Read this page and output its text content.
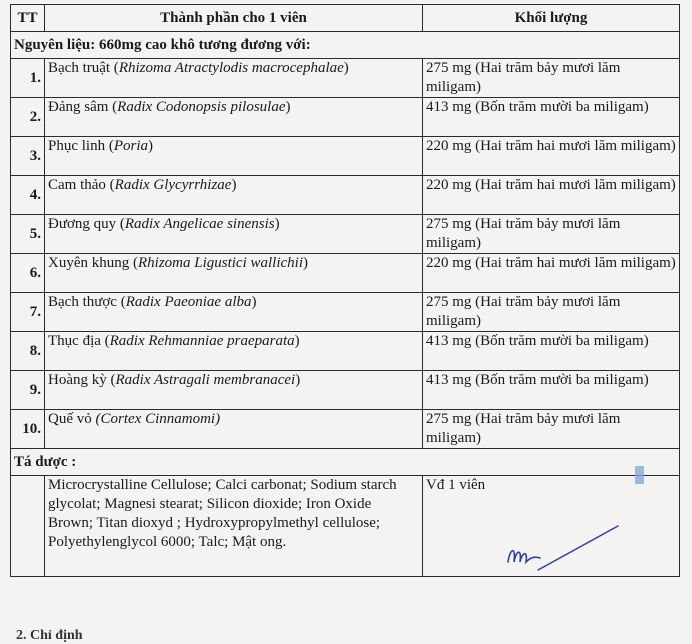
TT	Thành phần cho 1 viên	Khối lượng
Nguyên liệu: 660mg cao khô tương đương với:		
1.	Bạch truật (Rhizoma Atractylodis macrocephalae)	275 mg (Hai trăm bảy mươi lăm miligam)
2.	Đảng sâm (Radix Codonopsis pilosulae)	413 mg (Bốn trăm mười ba miligam)
3.	Phục linh (Poria)	220 mg (Hai trăm hai mươi lăm miligam)
4.	Cam thảo (Radix Glycyrrhizae)	220 mg (Hai trăm hai mươi lăm miligam)
5.	Đương quy (Radix Angelicae sinensis)	275 mg (Hai trăm bảy mươi lăm miligam)
6.	Xuyên khung (Rhizoma Ligustici wallichii)	220 mg (Hai trăm hai mươi lăm miligam)
7.	Bạch thược (Radix Paeoniae alba)	275 mg (Hai trăm bảy mươi lăm miligam)
8.	Thục địa (Radix Rehmanniae praeparata)	413 mg (Bốn trăm mười ba miligam)
9.	Hoàng kỳ (Radix Astragali membranacei)	413 mg (Bốn trăm mười ba miligam)
10.	Quế vỏ (Cortex Cinnamomi)	275 mg (Hai trăm bảy mươi lăm miligam)
Tá dược :		
	Microcrystalline Cellulose; Calci carbonat; Sodium starch glycolat; Magnesi stearat; Silicon dioxide; Iron Oxide Brown; Titan dioxyd ; Hydroxypropylmethyl cellulose; Polyethylenglycol 6000; Talc; Mật ong.	Vđ 1 viên
2. Chỉ định
